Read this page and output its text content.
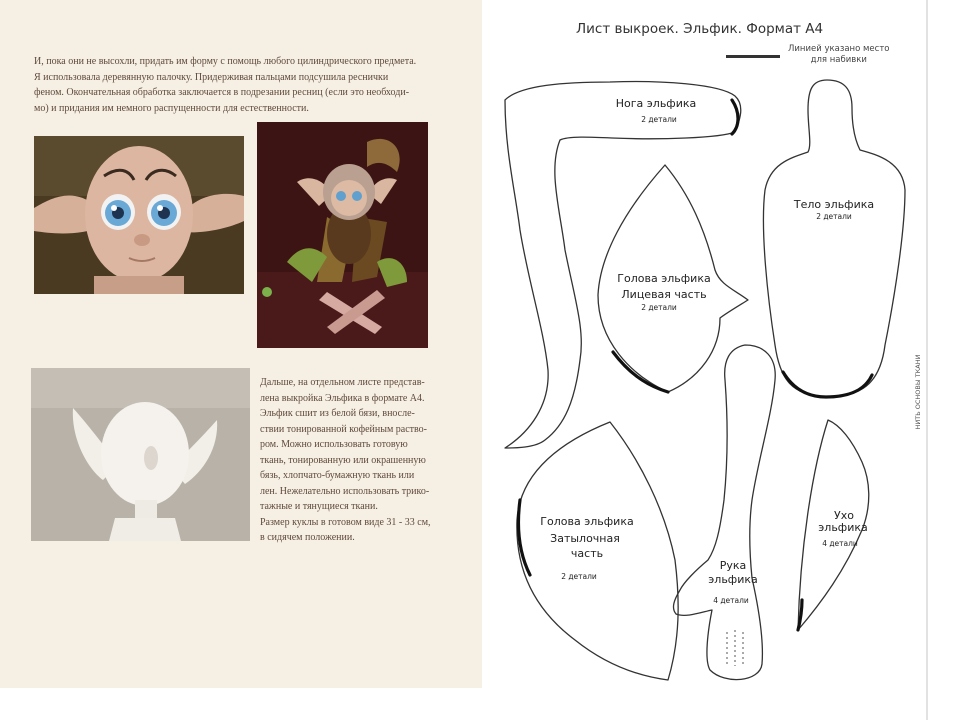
И, пока они не высохли, придать им форму с помощь любого цилиндрического предмета.
Я использовала деревянную палочку. Придерживая пальцами подсушила реснички
феном. Окончательная обработка заключается в подрезании ресниц (если это необходи-
мо) и придания им немного распущенности для естественности.
Дальше, на отдельном листе представ-
лена выкройка Эльфика в формате А4.
Эльфик сшит из белой бязи, вносле-
ствии тонированной кофейным раство-
ром. Можно использовать готовую
ткань, тонированную или окрашенную
бязь, хлопчато-бумажную ткань или
лен. Нежелательно использовать трико-
тажные и тянущиеся ткани.
Размер куклы в готовом виде 31 - 33 см,
в сидячем положении.
Лист выкроек. Эльфик. Формат А4
Линией указано место
для набивки
Нога эльфика
2 детали
Тело эльфика
2 детали
Голова эльфика
Лицевая часть
2 детали
Голова эльфика
Затылочная
часть
2 детали
Рука
эльфика
4 детали
Ухо
эльфика
4 детали
НИТЬ ОСНОВЫ ТКАНИ
